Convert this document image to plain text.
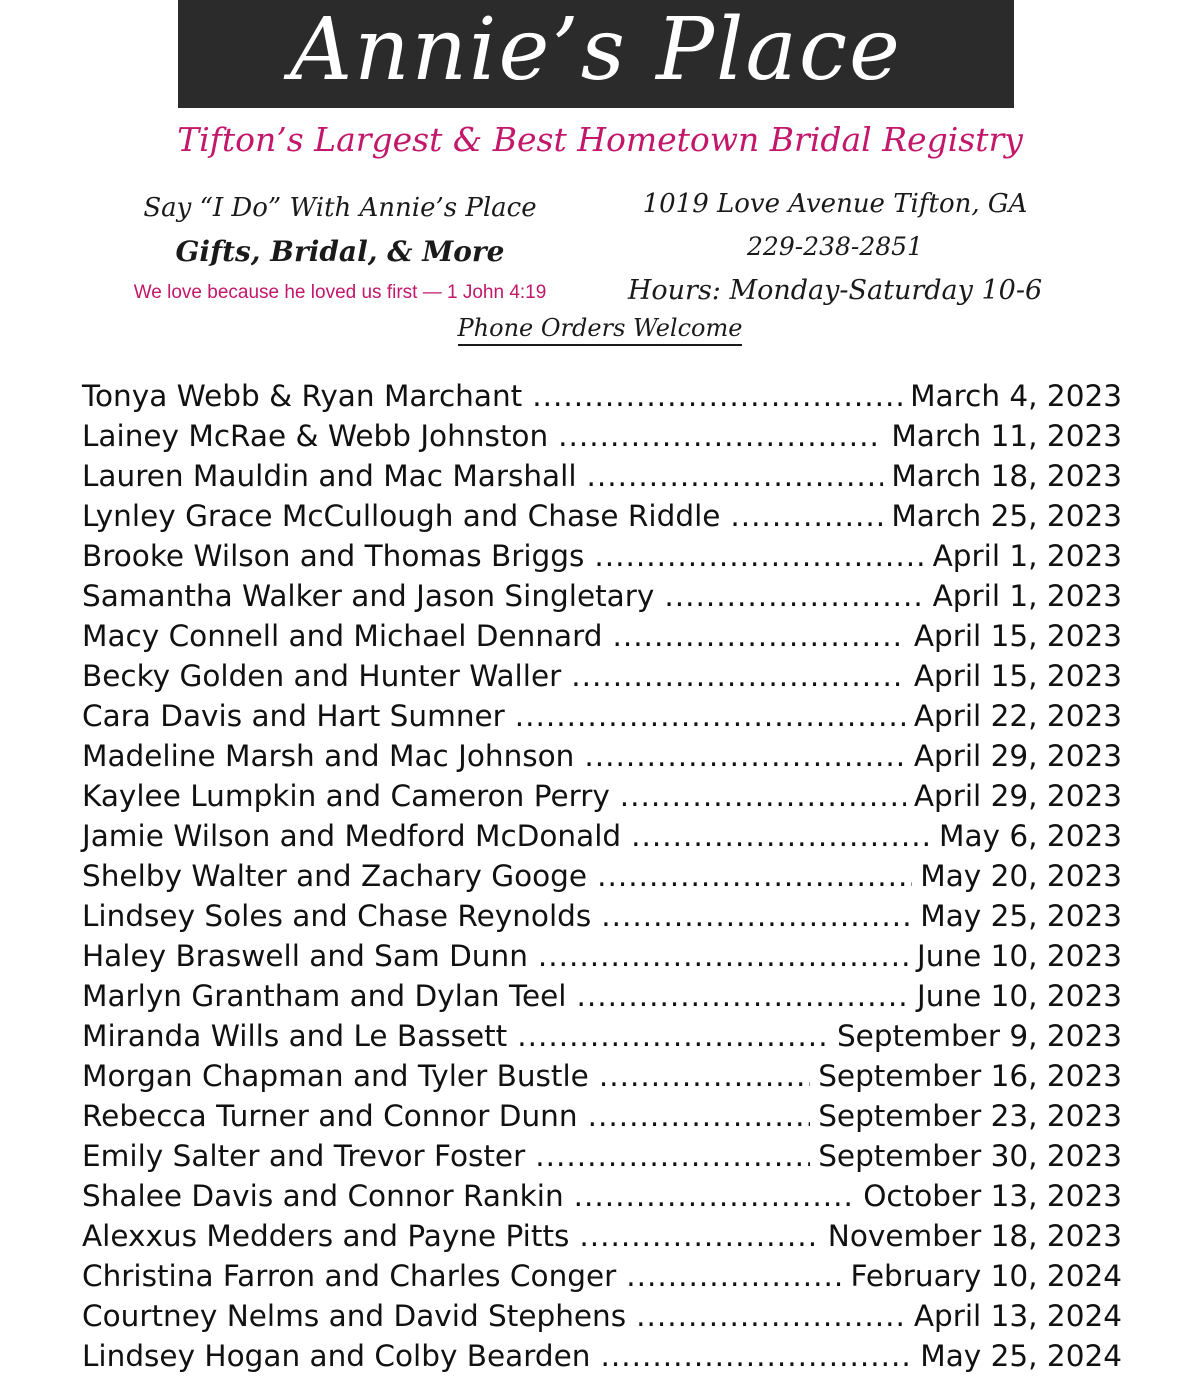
Annie’s Place
Tifton’s Largest & Best Hometown Bridal Registry
Say “I Do” With Annie’s Place
Gifts, Bridal, & More
We love because he loved us first — 1 John 4:19
1019 Love Avenue Tifton, GA
229-238-2851
Hours: Monday-Saturday 10-6
Phone Orders Welcome
Tonya Webb & Ryan Marchant .....	March 4, 2023
Lainey McRae & Webb Johnston .....	March 11, 2023
Lauren Mauldin and Mac Marshall .....	March 18, 2023
Lynley Grace McCullough and Chase Riddle .....	March 25, 2023
Brooke Wilson and Thomas Briggs .....	April 1, 2023
Samantha Walker and Jason Singletary .....	April 1, 2023
Macy Connell and Michael Dennard .....	April 15, 2023
Becky Golden and Hunter Waller .....	April 15, 2023
Cara Davis and Hart Sumner .....	April 22, 2023
Madeline Marsh and Mac Johnson .....	April 29, 2023
Kaylee Lumpkin and Cameron Perry .....	April 29, 2023
Jamie Wilson and Medford McDonald .....	May 6, 2023
Shelby Walter and Zachary Googe .....	May 20, 2023
Lindsey Soles and Chase Reynolds .....	May 25, 2023
Haley Braswell and Sam Dunn .....	June 10, 2023
Marlyn Grantham and Dylan Teel .....	June 10, 2023
Miranda Wills and Le Bassett .....	September 9, 2023
Morgan Chapman and Tyler Bustle .....	September 16, 2023
Rebecca Turner and Connor Dunn .....	September 23, 2023
Emily Salter and Trevor Foster .....	September 30, 2023
Shalee Davis and Connor Rankin .....	October 13, 2023
Alexxus Medders and Payne Pitts .....	November 18, 2023
Christina Farron and Charles Conger .....	February 10, 2024
Courtney Nelms and David Stephens .....	April 13, 2024
Lindsey Hogan and Colby Bearden .....	May 25, 2024
